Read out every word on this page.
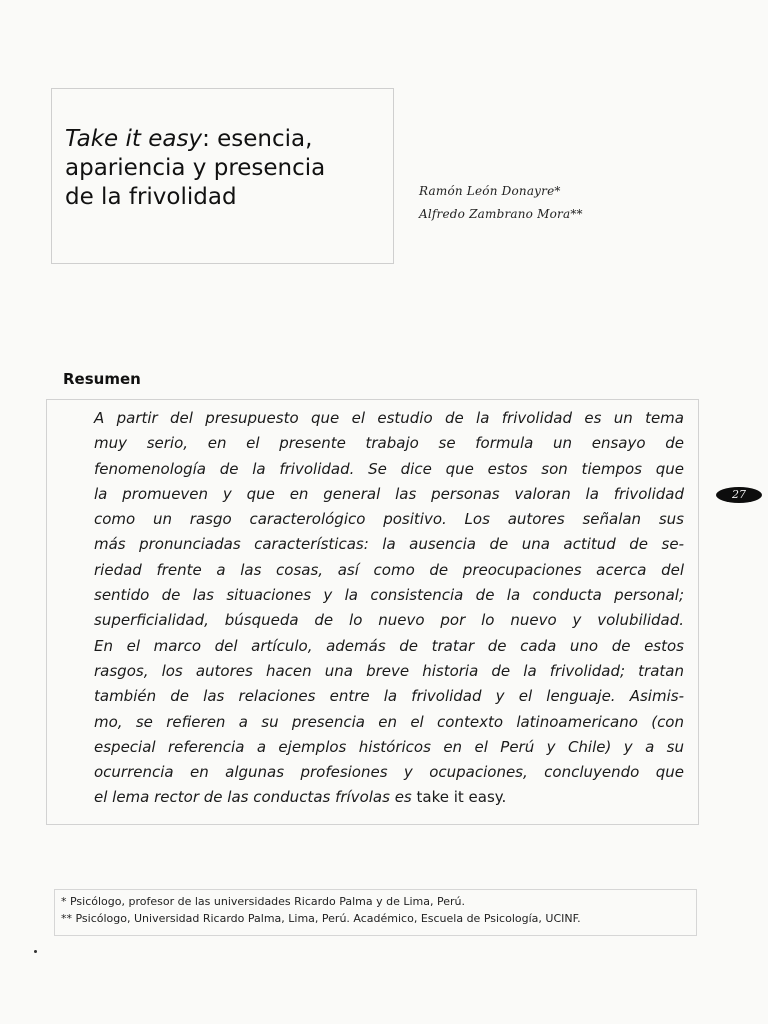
Take it easy: esencia,
apariencia y presencia
de la frivolidad	Ramón León Donayre*
Alfredo Zambrano Mora**
Resumen
A partir del presupuesto que el estudio de la frivolidad es un tema
muy serio, en el presente trabajo se formula un ensayo de
fenomenología de la frivolidad. Se dice que estos son tiempos que
la promueven y que en general las personas valoran la frivolidad
como un rasgo caracterológico positivo. Los autores señalan sus
más pronunciadas características: la ausencia de una actitud de se-
riedad frente a las cosas, así como de preocupaciones acerca del
sentido de las situaciones y la consistencia de la conducta personal;
superficialidad, búsqueda de lo nuevo por lo nuevo y volubilidad.
En el marco del artículo, además de tratar de cada uno de estos
rasgos, los autores hacen una breve historia de la frivolidad; tratan
también de las relaciones entre la frivolidad y el lenguaje. Asimis-
mo, se refieren a su presencia en el contexto latinoamericano (con
especial referencia a ejemplos históricos en el Perú y Chile) y a su
ocurrencia en algunas profesiones y ocupaciones, concluyendo que
el lema rector de las conductas frívolas es take it easy.
27
* Psicólogo, profesor de las universidades Ricardo Palma y de Lima, Perú.
** Psicólogo, Universidad Ricardo Palma, Lima, Perú. Académico, Escuela de Psicología, UCINF.
